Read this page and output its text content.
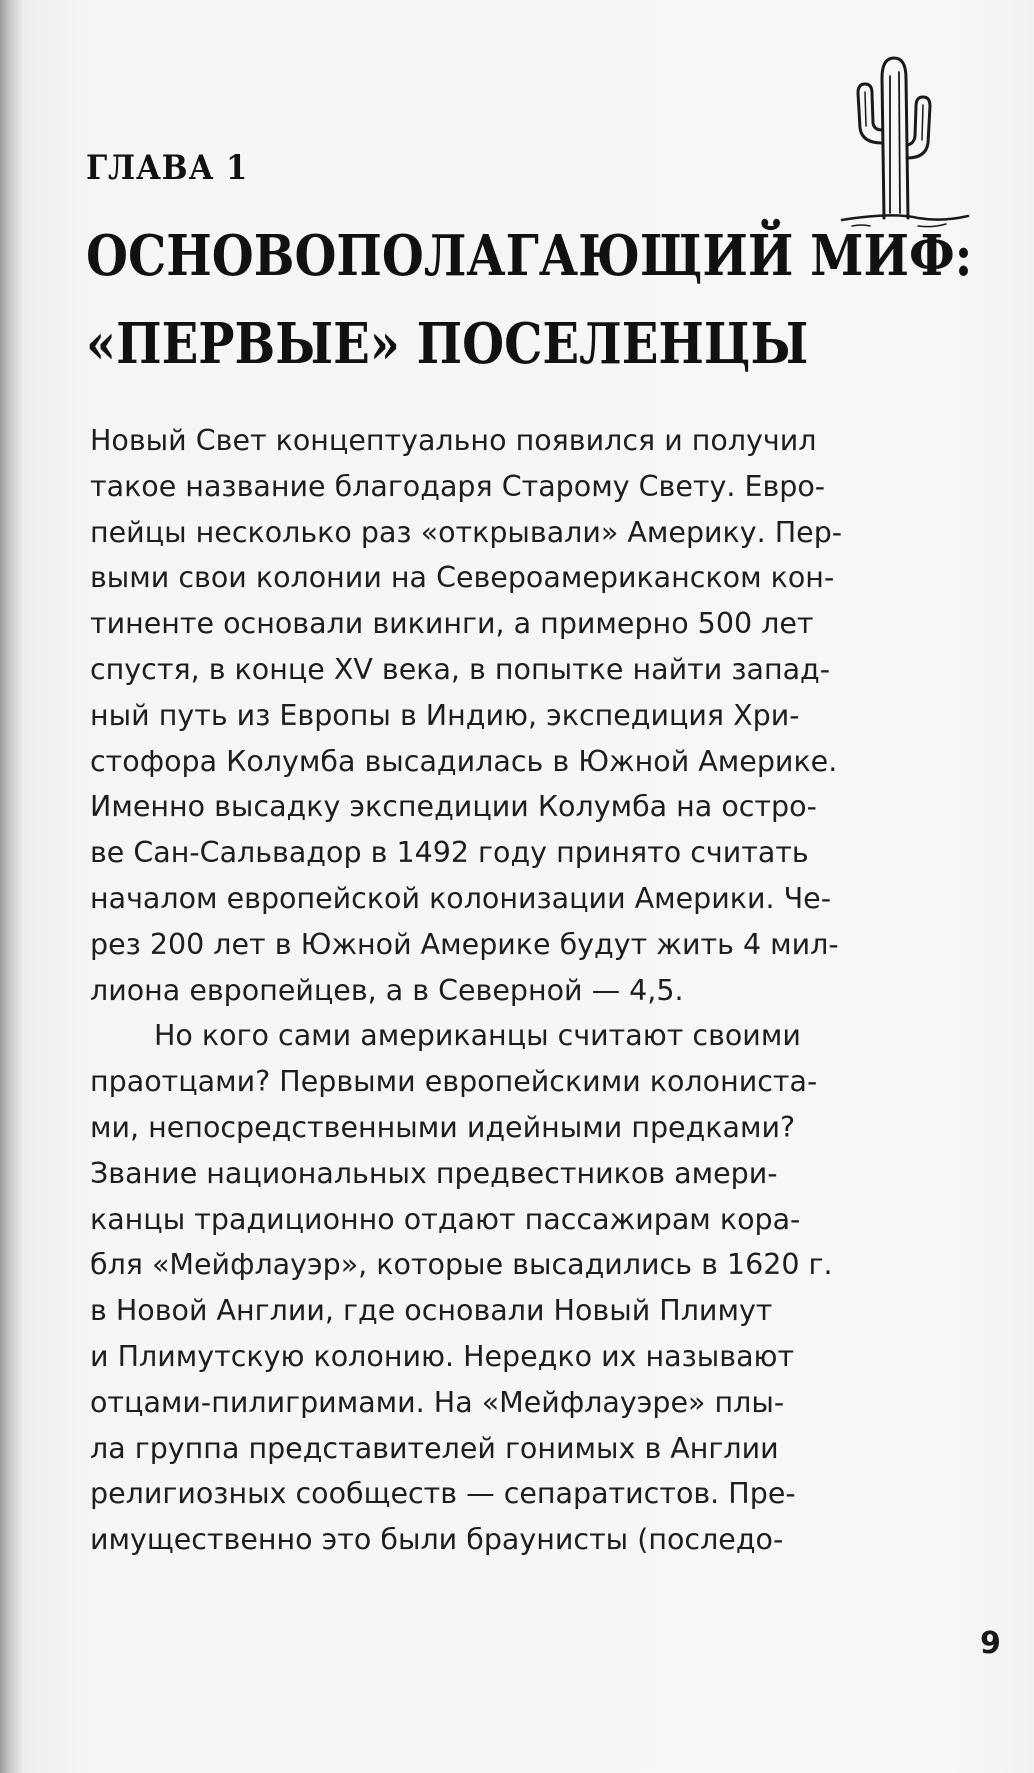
ГЛАВА 1
ОСНОВОПОЛАГАЮЩИЙ МИФ:
«ПЕРВЫЕ» ПОСЕЛЕНЦЫ
Новый Свет концептуально появился и получил
такое название благодаря Старому Свету. Евро-
пейцы несколько раз «открывали» Америку. Пер-
выми свои колонии на Североамериканском кон-
тиненте основали викинги, а примерно 500 лет
спустя, в конце XV века, в попытке найти запад-
ный путь из Европы в Индию, экспедиция Хри-
стофора Колумба высадилась в Южной Америке.
Именно высадку экспедиции Колумба на остро-
ве Сан-Сальвадор в 1492 году принято считать
началом европейской колонизации Америки. Че-
рез 200 лет в Южной Америке будут жить 4 мил-
лиона европейцев, а в Северной — 4,5.
Но кого сами американцы считают своими
праотцами? Первыми европейскими колониста-
ми, непосредственными идейными предками?
Звание национальных предвестников амери-
канцы традиционно отдают пассажирам кора-
бля «Мейфлауэр», которые высадились в 1620 г.
в Новой Англии, где основали Новый Плимут
и Плимутскую колонию. Нередко их называют
отцами-пилигримами. На «Мейфлауэре» плы-
ла группа представителей гонимых в Англии
религиозных сообществ — сепаратистов. Пре-
имущественно это были браунисты (последо-
9
